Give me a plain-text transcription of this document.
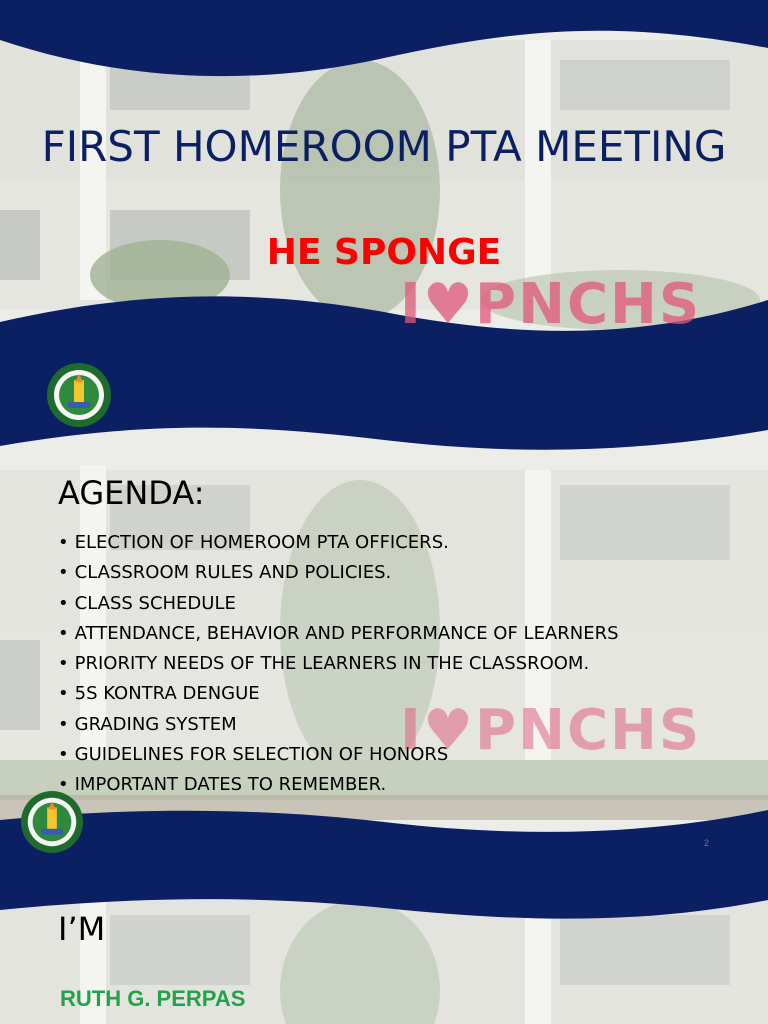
I♥PNCHS
FIRST HOMEROOM PTA MEETING
HE SPONGE
I♥PNCHS
AGENDA:
• ELECTION OF HOMEROOM PTA OFFICERS.
• CLASSROOM RULES AND POLICIES.
• CLASS SCHEDULE
• ATTENDANCE, BEHAVIOR AND PERFORMANCE OF LEARNERS
• PRIORITY NEEDS OF THE LEARNERS IN THE CLASSROOM.
• 5S KONTRA DENGUE
• GRADING SYSTEM
• GUIDELINES FOR SELECTION OF HONORS
• IMPORTANT DATES TO REMEMBER.
2
I’M
RUTH G. PERPAS
